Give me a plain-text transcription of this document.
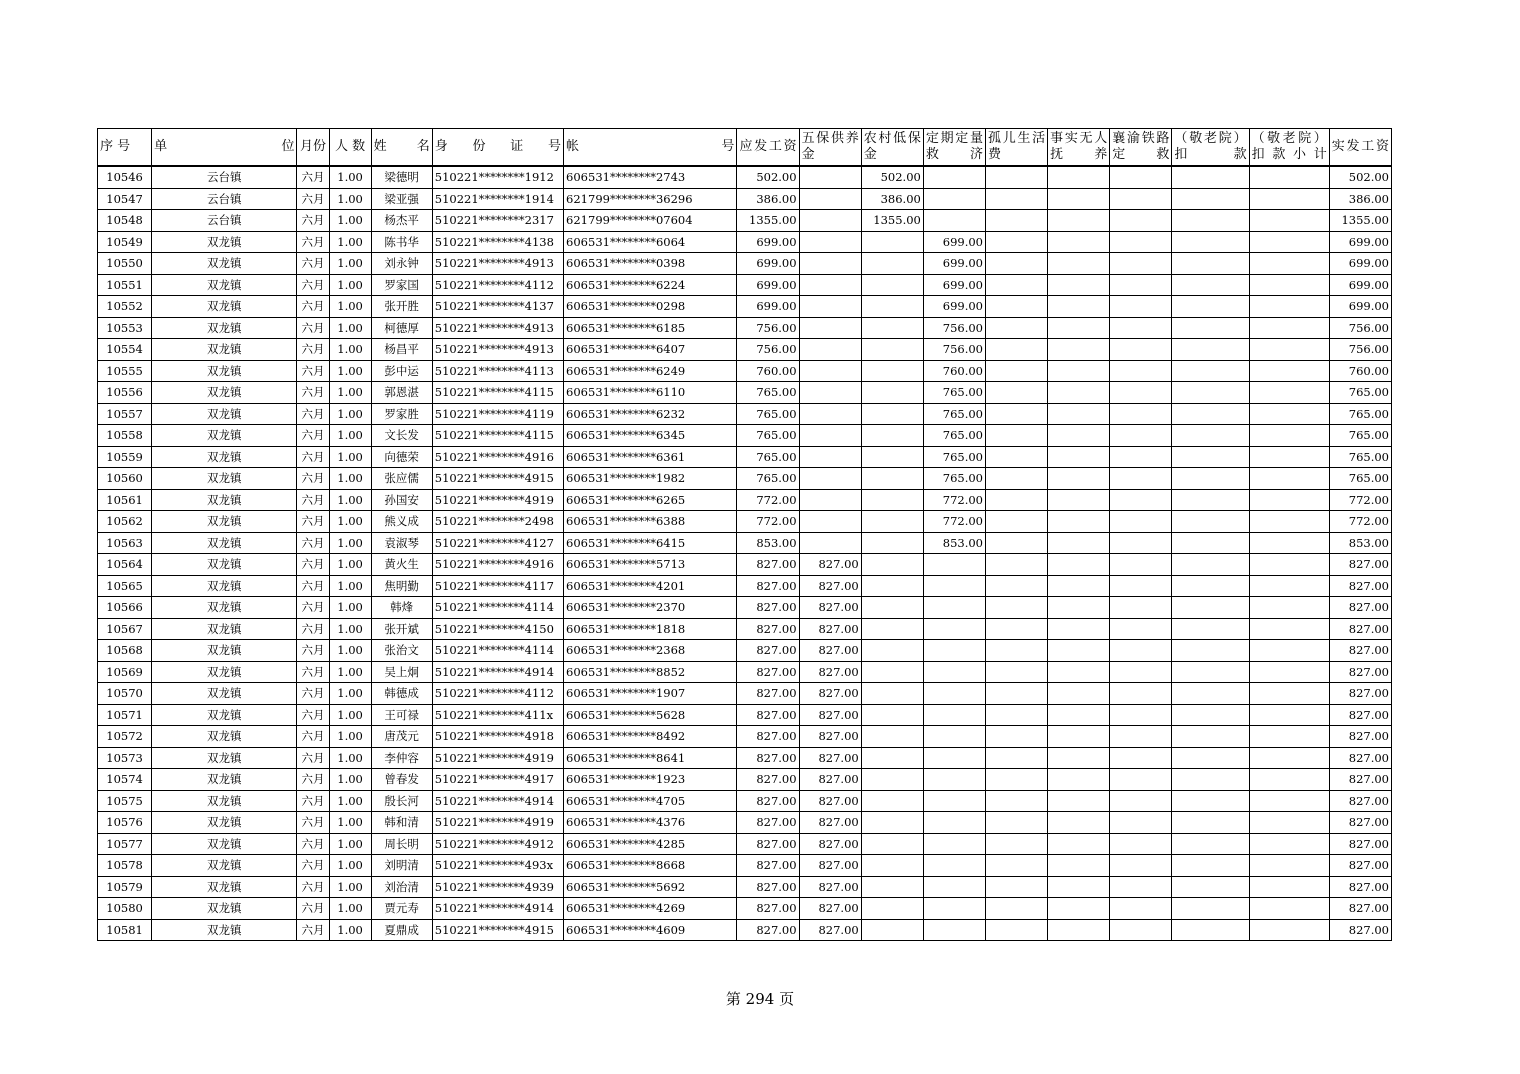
序 号	单位	月份	人 数	姓名	身份证号	帐号	应发工资	五保供养金	农村低保金	定期定量救济	孤儿生活费	事实无人抚养	襄渝铁路定救	（敬老院）扣款	（敬老院）扣款小计	实发工资

10546	云台镇	六月	1.00	梁德明	510221********1912	606531********2743	502.00		502.00							502.00
10547	云台镇	六月	1.00	梁亚强	510221********1914	621799********36296	386.00		386.00							386.00
10548	云台镇	六月	1.00	杨杰平	510221********2317	621799********07604	1355.00		1355.00							1355.00
10549	双龙镇	六月	1.00	陈书华	510221********4138	606531********6064	699.00			699.00						699.00
10550	双龙镇	六月	1.00	刘永钟	510221********4913	606531********0398	699.00			699.00						699.00
10551	双龙镇	六月	1.00	罗家国	510221********4112	606531********6224	699.00			699.00						699.00
10552	双龙镇	六月	1.00	张开胜	510221********4137	606531********0298	699.00			699.00						699.00
10553	双龙镇	六月	1.00	柯德厚	510221********4913	606531********6185	756.00			756.00						756.00
10554	双龙镇	六月	1.00	杨昌平	510221********4913	606531********6407	756.00			756.00						756.00
10555	双龙镇	六月	1.00	彭中运	510221********4113	606531********6249	760.00			760.00						760.00
10556	双龙镇	六月	1.00	郭恩湛	510221********4115	606531********6110	765.00			765.00						765.00
10557	双龙镇	六月	1.00	罗家胜	510221********4119	606531********6232	765.00			765.00						765.00
10558	双龙镇	六月	1.00	文长发	510221********4115	606531********6345	765.00			765.00						765.00
10559	双龙镇	六月	1.00	向德荣	510221********4916	606531********6361	765.00			765.00						765.00
10560	双龙镇	六月	1.00	张应儒	510221********4915	606531********1982	765.00			765.00						765.00
10561	双龙镇	六月	1.00	孙国安	510221********4919	606531********6265	772.00			772.00						772.00
10562	双龙镇	六月	1.00	熊义成	510221********2498	606531********6388	772.00			772.00						772.00
10563	双龙镇	六月	1.00	袁淑琴	510221********4127	606531********6415	853.00			853.00						853.00
10564	双龙镇	六月	1.00	黄火生	510221********4916	606531********5713	827.00	827.00								827.00
10565	双龙镇	六月	1.00	焦明勤	510221********4117	606531********4201	827.00	827.00								827.00
10566	双龙镇	六月	1.00	韩烽	510221********4114	606531********2370	827.00	827.00								827.00
10567	双龙镇	六月	1.00	张开斌	510221********4150	606531********1818	827.00	827.00								827.00
10568	双龙镇	六月	1.00	张治文	510221********4114	606531********2368	827.00	827.00								827.00
10569	双龙镇	六月	1.00	吴上炯	510221********4914	606531********8852	827.00	827.00								827.00
10570	双龙镇	六月	1.00	韩德成	510221********4112	606531********1907	827.00	827.00								827.00
10571	双龙镇	六月	1.00	王可禄	510221********411x	606531********5628	827.00	827.00								827.00
10572	双龙镇	六月	1.00	唐茂元	510221********4918	606531********8492	827.00	827.00								827.00
10573	双龙镇	六月	1.00	李仲容	510221********4919	606531********8641	827.00	827.00								827.00
10574	双龙镇	六月	1.00	曾春发	510221********4917	606531********1923	827.00	827.00								827.00
10575	双龙镇	六月	1.00	殷长河	510221********4914	606531********4705	827.00	827.00								827.00
10576	双龙镇	六月	1.00	韩和清	510221********4919	606531********4376	827.00	827.00								827.00
10577	双龙镇	六月	1.00	周长明	510221********4912	606531********4285	827.00	827.00								827.00
10578	双龙镇	六月	1.00	刘明清	510221********493x	606531********8668	827.00	827.00								827.00
10579	双龙镇	六月	1.00	刘治清	510221********4939	606531********5692	827.00	827.00								827.00
10580	双龙镇	六月	1.00	贾元寿	510221********4914	606531********4269	827.00	827.00								827.00
10581	双龙镇	六月	1.00	夏鼎成	510221********4915	606531********4609	827.00	827.00								827.00
第 294 页
